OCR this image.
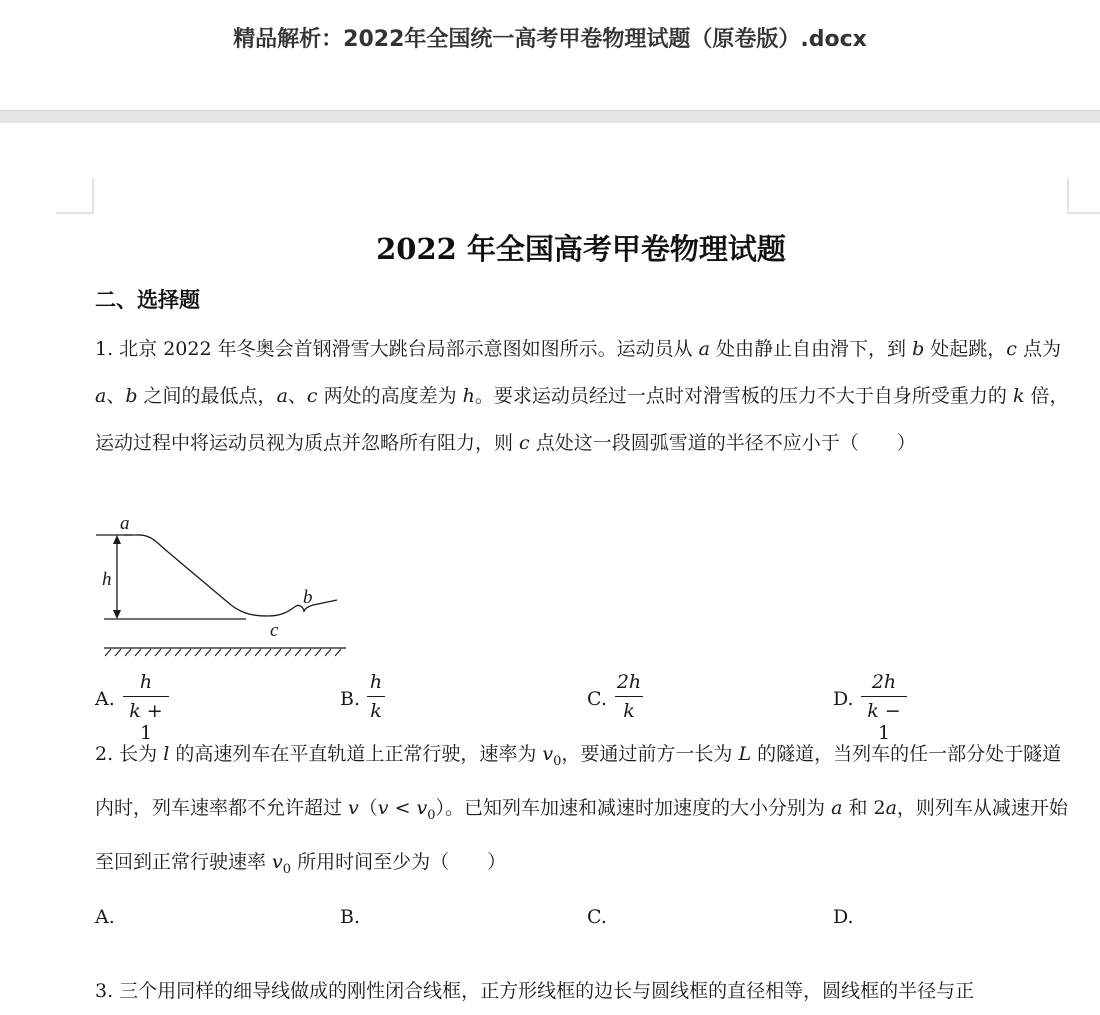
精品解析：2022年全国统一高考甲卷物理试题（原卷版）.docx
2022 年全国高考甲卷物理试题
二、选择题
1. 北京 2022 年冬奥会首钢滑雪大跳台局部示意图如图所示。运动员从 a 处由静止自由滑下，到 b 处起跳，c 点为 a、b 之间的最低点，a、c 两处的高度差为 h。要求运动员经过一点时对滑雪板的压力不大于自身所受重力的 k 倍，运动过程中将运动员视为质点并忽略所有阻力，则 c 点处这一段圆弧雪道的半径不应小于（　　）
a
h
b
c
A.
h
k + 1
B.
h
k
C.
2h
k
D.
2h
k − 1
2. 长为 l 的高速列车在平直轨道上正常行驶，速率为 $v_0$，要通过前方一长为 L 的隧道，当列车的任一部分处于隧道内时，列车速率都不允许超过 $v(v < v_0)$。已知列车加速和减速时加速度的大小分别为 a 和 2a，则列车从减速开始至回到正常行驶速率 $v_0$ 所用时间至少为（　　）
A.	B.	C.	D.
3. 三个用同样的细导线做成的刚性闭合线框，正方形线框的边长与圆线框的直径相等，圆线框的半径与正
